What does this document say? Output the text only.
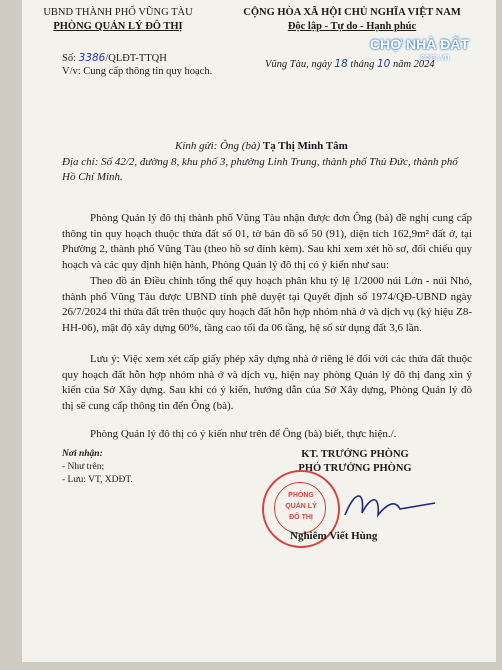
UBND THÀNH PHỐ VŨNG TÀU
PHÒNG QUẢN LÝ ĐÔ THỊ
CỘNG HÒA XÃ HỘI CHỦ NGHĨA VIỆT NAM
Độc lập - Tự do - Hạnh phúc
CHỢ NHÀ ĐẤT
.com.vn
Số: 3386/QLĐT-TTQH
V/v: Cung cấp thông tin quy hoạch.
Vũng Tàu, ngày 18 tháng 10 năm 2024
Kính gửi: Ông (bà) Tạ Thị Minh Tâm
Địa chỉ: Số 42/2, đường 8, khu phố 3, phường Linh Trung, thành phố Thủ Đức, thành phố Hồ Chí Minh.
Phòng Quản lý đô thị thành phố Vũng Tàu nhận được đơn Ông (bà) đề nghị cung cấp thông tin quy hoạch thuộc thửa đất số 01, tờ bản đồ số 50 (91), diện tích 162,9m² đất ở, tại Phường 2, thành phố Vũng Tàu (theo hồ sơ đính kèm). Sau khi xem xét hồ sơ, đối chiếu quy hoạch và các quy định hiện hành, Phòng Quản lý đô thị có ý kiến như sau:
Theo đồ án Điều chỉnh tổng thể quy hoạch phân khu tỷ lệ 1/2000 núi Lớn - núi Nhỏ, thành phố Vũng Tàu được UBND tỉnh phê duyệt tại Quyết định số 1974/QĐ-UBND ngày 26/7/2024 thì thửa đất trên thuộc quy hoạch đất hỗn hợp nhóm nhà ở và dịch vụ (ký hiệu Z8-HH-06), mật độ xây dựng 60%, tầng cao tối đa 06 tầng, hệ số sử dụng đất 3,6 lần.
Lưu ý: Việc xem xét cấp giấy phép xây dựng nhà ở riêng lẻ đối với các thửa đất thuộc quy hoạch đất hỗn hợp nhóm nhà ở và dịch vụ, hiện nay phòng Quản lý đô thị đang xin ý kiến của Sở Xây dựng. Sau khi có ý kiến, hướng dẫn của Sở Xây dựng, Phòng Quản lý đô thị sẽ cung cấp thông tin đến Ông (bà).
Phòng Quản lý đô thị có ý kiến như trên để Ông (bà) biết, thực hiện./.
Nơi nhận:
- Như trên;
- Lưu: VT, XDĐT.
KT. TRƯỞNG PHÒNG
PHÓ TRƯỞNG PHÒNG
PHÒNG
QUẢN LÝ
ĐÔ THỊ
Nghiêm Viết Hùng
